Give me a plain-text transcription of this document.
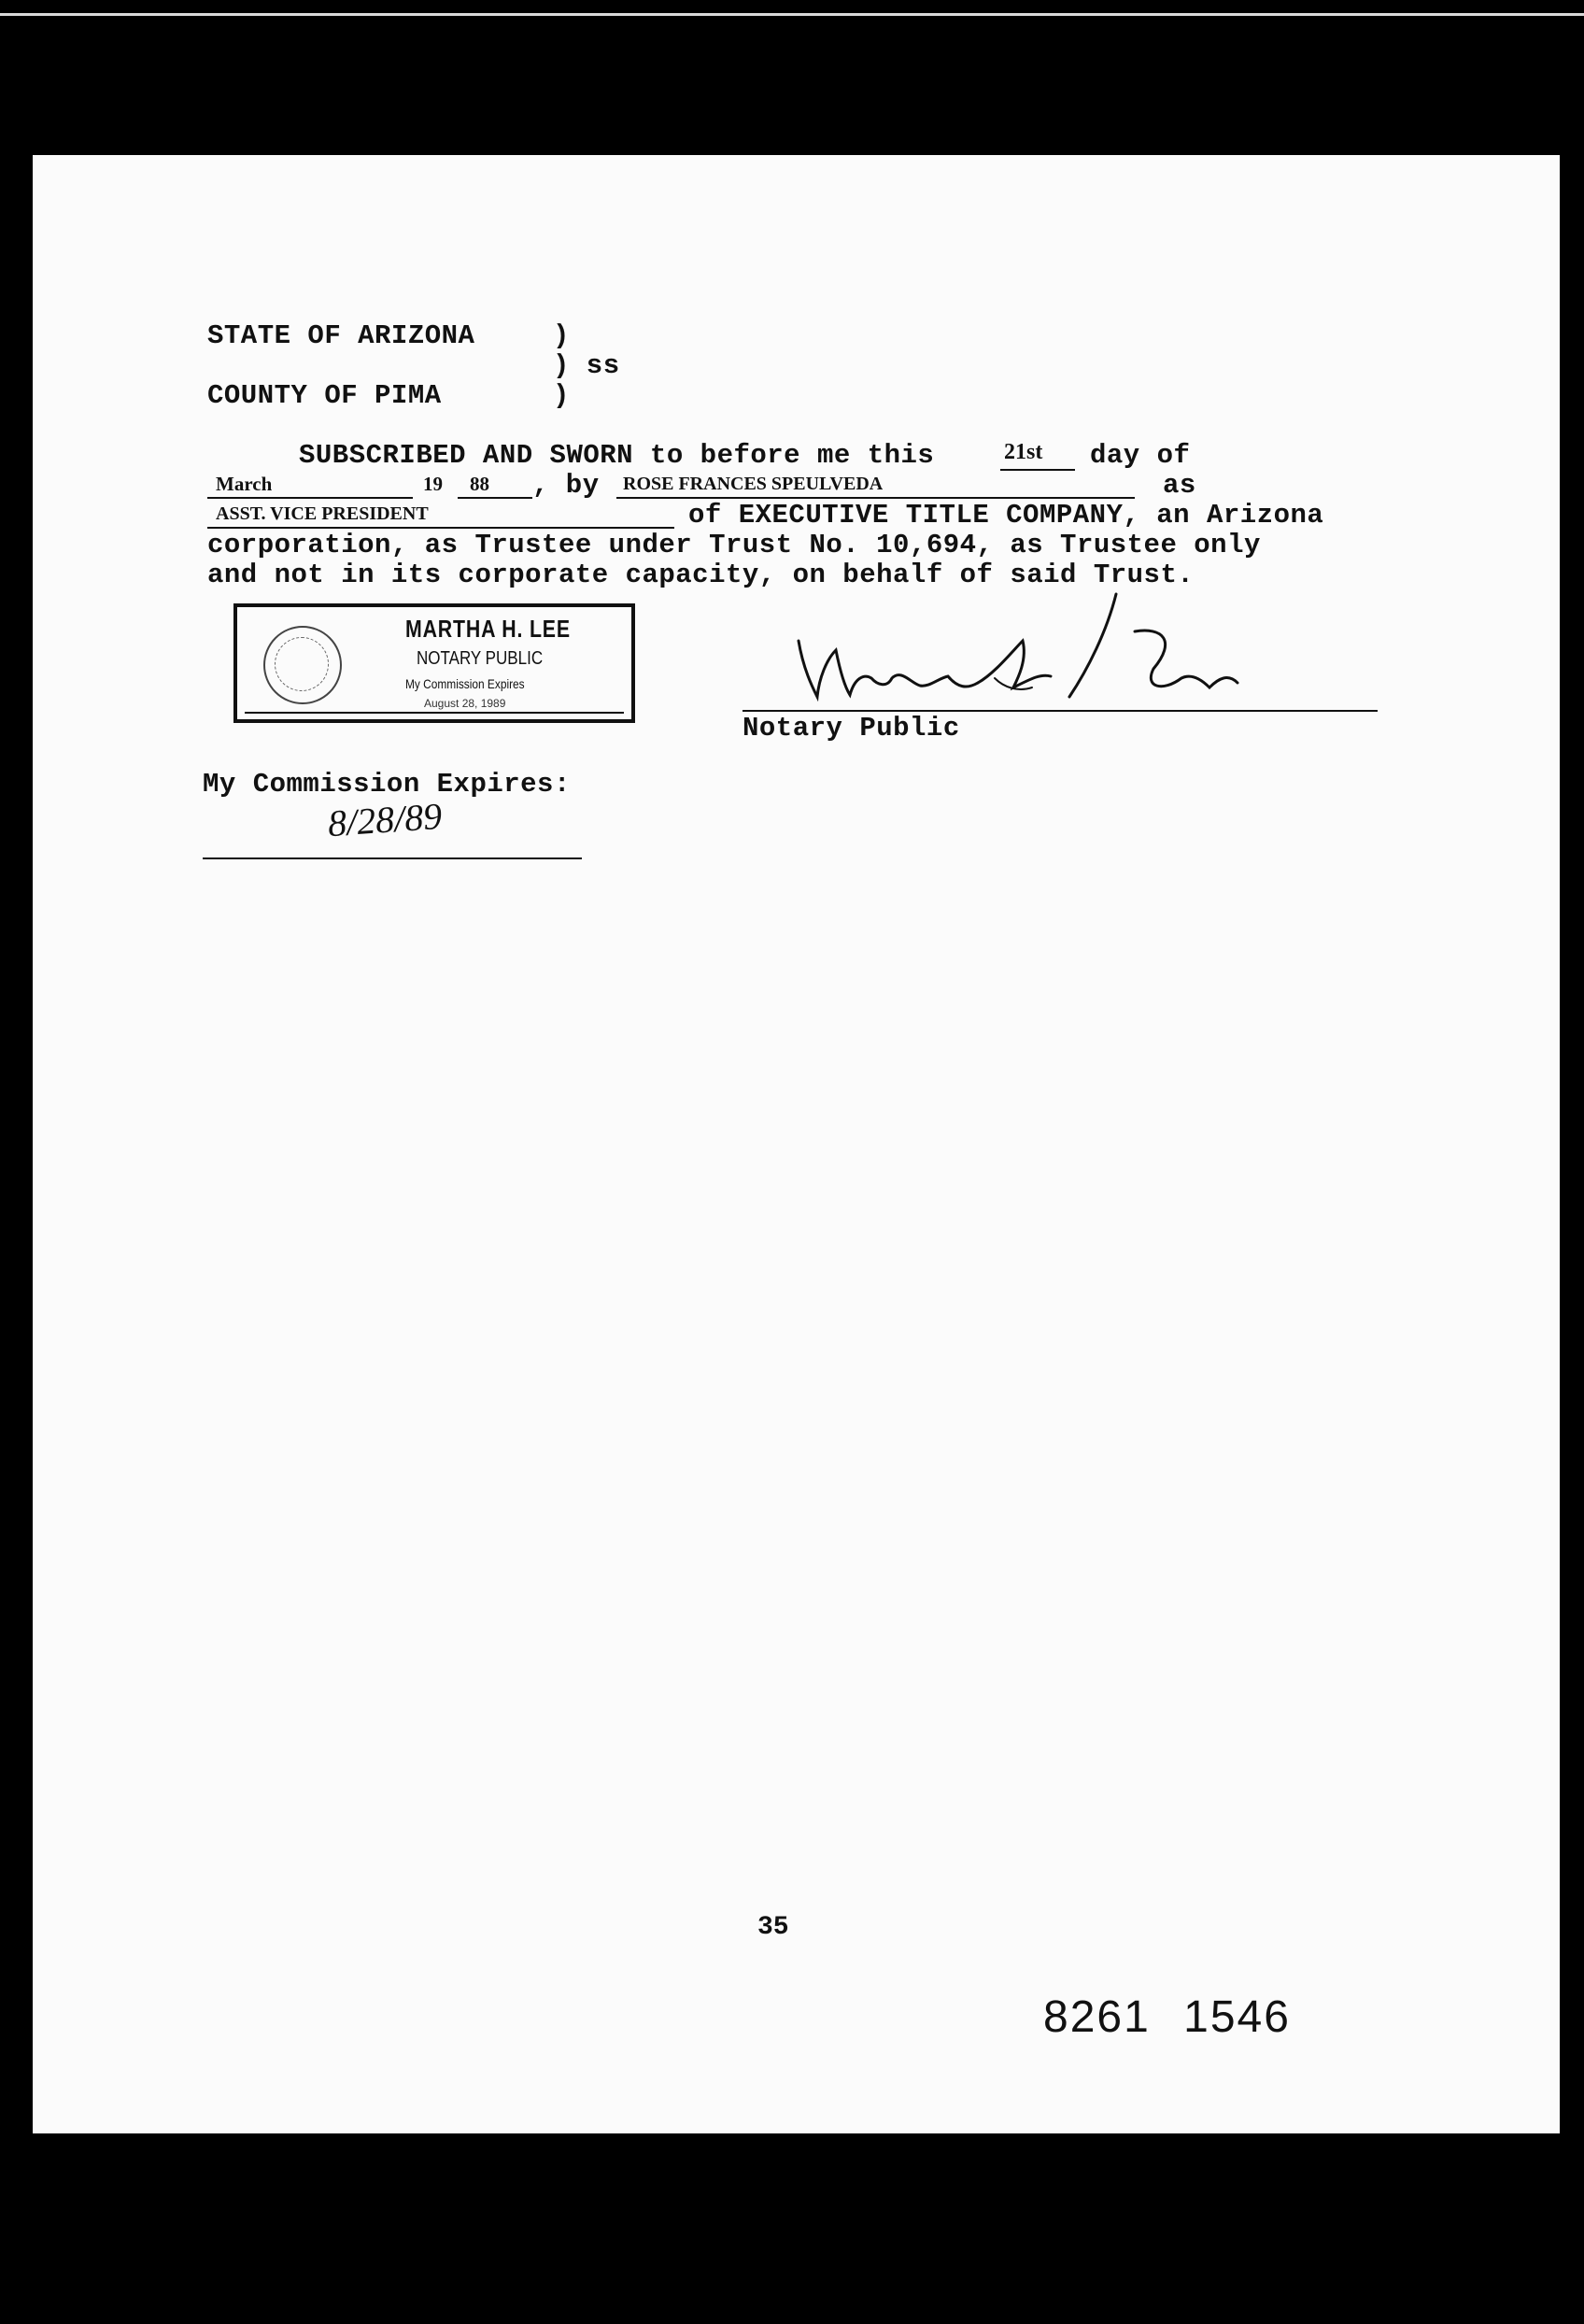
STATE OF ARIZONA	)
) ss
COUNTY OF PIMA	)
SUBSCRIBED AND SWORN to before me this	21st day of
March	19 88 , by ROSE FRANCES SPEULVEDA	as
ASST. VICE PRESIDENT	of EXECUTIVE TITLE COMPANY, an Arizona
corporation, as Trustee under Trust No. 10,694, as Trustee only
and not in its corporate capacity, on behalf of said Trust.
MARTHA H. LEE
NOTARY PUBLIC
My Commission Expires
August 28, 1989
Notary Public
My Commission Expires:
8/28/89
35
8261 1546
